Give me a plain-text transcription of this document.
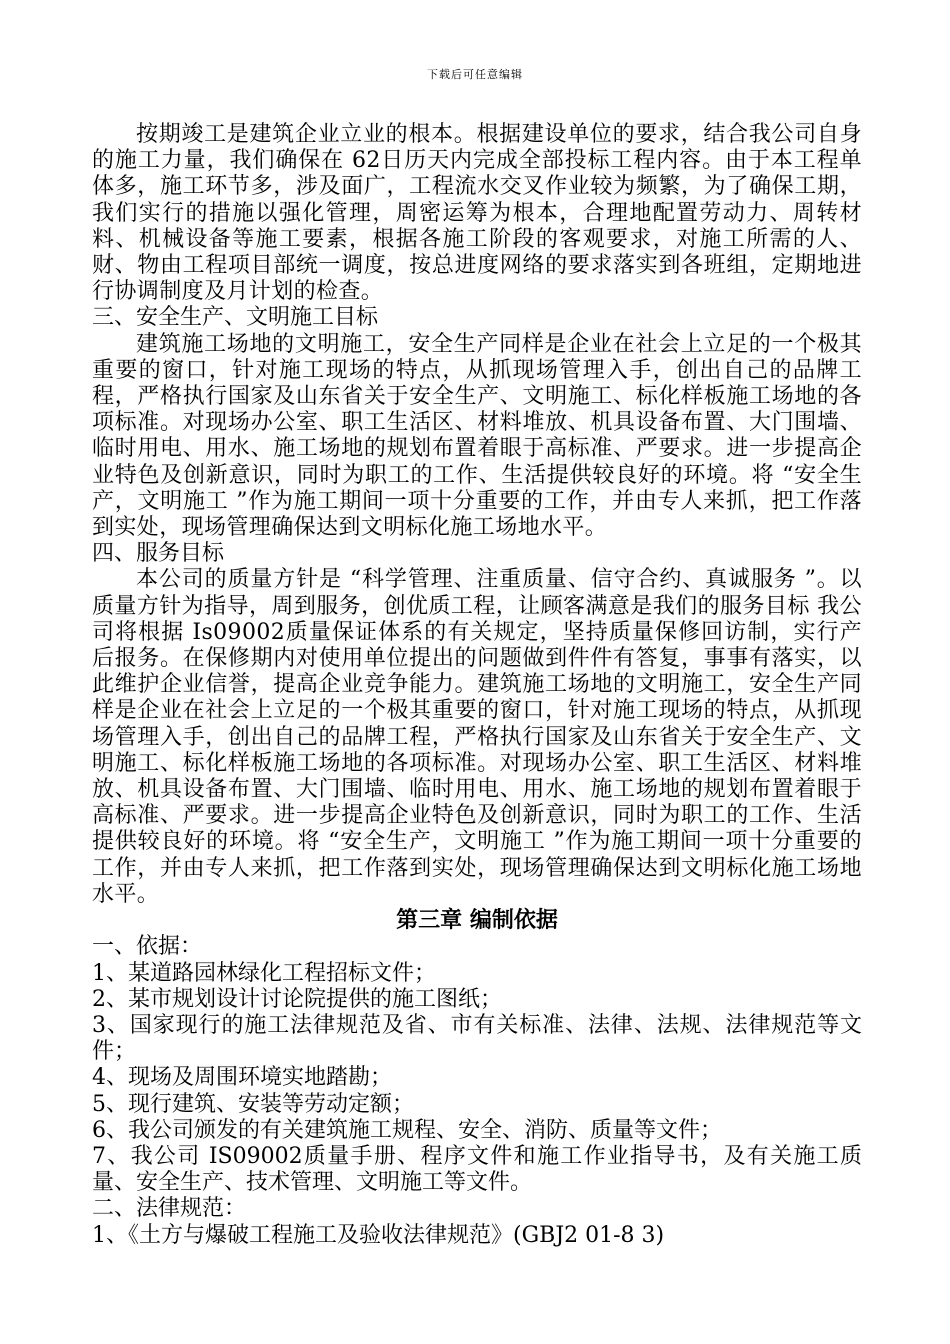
下载后可任意编辑

按期竣工是建筑企业立业的根本。根据建设单位的要求，结合我公司自身的施工力量，我们确保在 62日历天内完成全部投标工程内容。由于本工程单体多，施工环节多，涉及面广，工程流水交叉作业较为频繁，为了确保工期，我们实行的措施以强化管理，周密运筹为根本，合理地配置劳动力、周转材料、机械设备等施工要素，根据各施工阶段的客观要求，对施工所需的人、财、物由工程项目部统一调度，按总进度网络的要求落实到各班组，定期地进行协调制度及月计划的检查。

三、安全生产、文明施工目标

建筑施工场地的文明施工，安全生产同样是企业在社会上立足的一个极其重要的窗口，针对施工现场的特点，从抓现场管理入手，创出自己的品牌工程，严格执行国家及山东省关于安全生产、文明施工、标化样板施工场地的各项标准。对现场办公室、职工生活区、材料堆放、机具设备布置、大门围墙、临时用电、用水、施工场地的规划布置着眼于高标准、严要求。进一步提高企业特色及创新意识，同时为职工的工作、生活提供较良好的环境。将 “安全生产，文明施工 ”作为施工期间一项十分重要的工作，并由专人来抓，把工作落到实处，现场管理确保达到文明标化施工场地水平。

四、服务目标

本公司的质量方针是 “科学管理、注重质量、信守合约、真诚服务 ”。以质量方针为指导，周到服务，创优质工程，让顾客满意是我们的服务目标 我公司将根据 Is09002质量保证体系的有关规定，坚持质量保修回访制，实行产后报务。在保修期内对使用单位提出的问题做到件件有答复，事事有落实，以此维护企业信誉，提高企业竞争能力。建筑施工场地的文明施工，安全生产同样是企业在社会上立足的一个极其重要的窗口，针对施工现场的特点，从抓现场管理入手，创出自己的品牌工程，严格执行国家及山东省关于安全生产、文明施工、标化样板施工场地的各项标准。对现场办公室、职工生活区、材料堆放、机具设备布置、大门围墙、临时用电、用水、施工场地的规划布置着眼于高标准、严要求。进一步提高企业特色及创新意识，同时为职工的工作、生活提供较良好的环境。将 “安全生产，文明施工 ”作为施工期间一项十分重要的工作，并由专人来抓，把工作落到实处，现场管理确保达到文明标化施工场地水平。

第三章 编制依据

一、依据：

1、某道路园林绿化工程招标文件；

2、某市规划设计讨论院提供的施工图纸；

3、国家现行的施工法律规范及省、市有关标准、法律、法规、法律规范等文件；

4、现场及周围环境实地踏勘；

5、现行建筑、安装等劳动定额；

6、我公司颁发的有关建筑施工规程、安全、消防、质量等文件；

7、我公司 IS09002质量手册、程序文件和施工作业指导书，及有关施工质量、安全生产、技术管理、文明施工等文件。

二、法律规范：

1、《土方与爆破工程施工及验收法律规范》(GBJ2 01-8 3)
